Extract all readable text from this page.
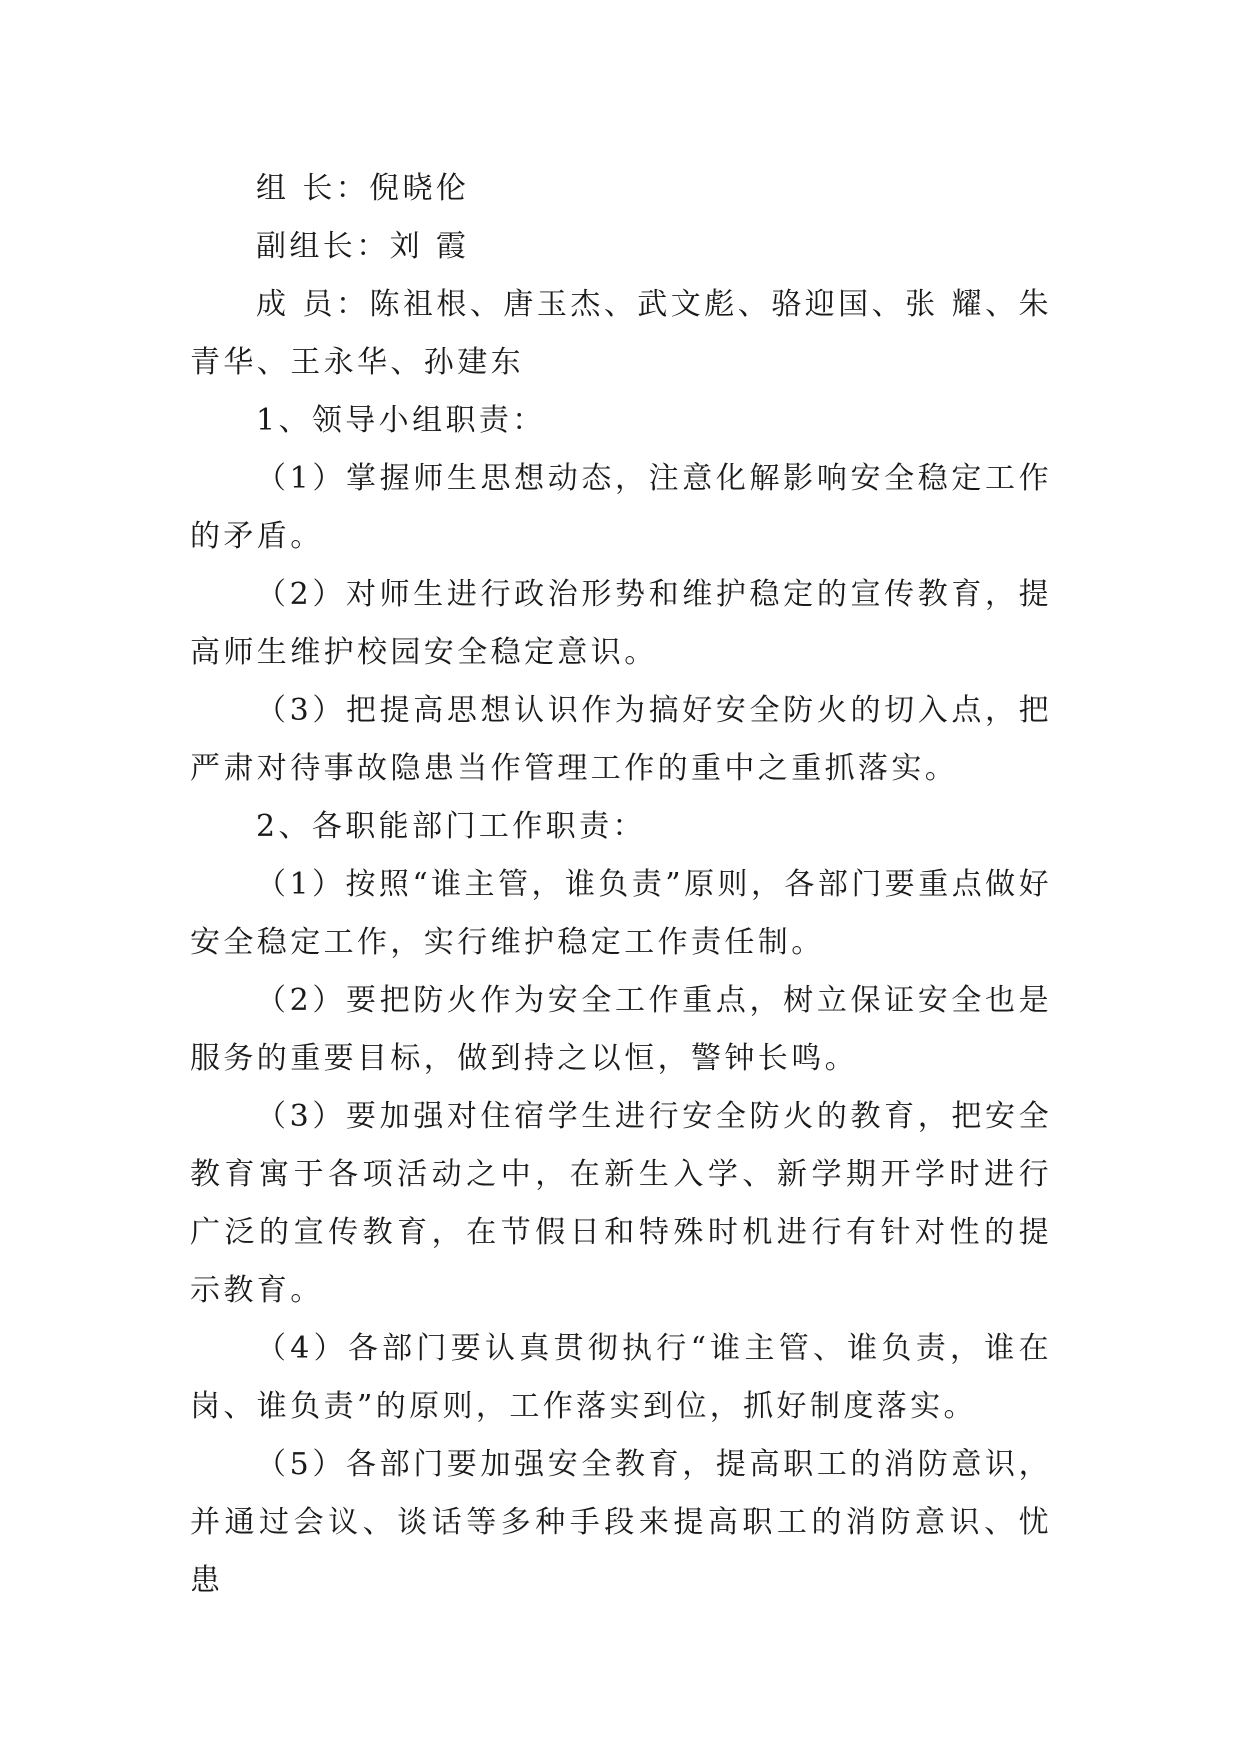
组 长：倪晓伦

副组长：刘 霞

成 员：陈祖根、唐玉杰、武文彪、骆迎国、张 耀、朱青华、王永华、孙建东

1、领导小组职责：

（1）掌握师生思想动态，注意化解影响安全稳定工作的矛盾。

（2）对师生进行政治形势和维护稳定的宣传教育，提高师生维护校园安全稳定意识。

（3）把提高思想认识作为搞好安全防火的切入点，把严肃对待事故隐患当作管理工作的重中之重抓落实。

2、各职能部门工作职责：

（1）按照“谁主管，谁负责”原则，各部门要重点做好安全稳定工作，实行维护稳定工作责任制。

（2）要把防火作为安全工作重点，树立保证安全也是服务的重要目标，做到持之以恒，警钟长鸣。

（3）要加强对住宿学生进行安全防火的教育，把安全教育寓于各项活动之中，在新生入学、新学期开学时进行广泛的宣传教育，在节假日和特殊时机进行有针对性的提示教育。

（4）各部门要认真贯彻执行“谁主管、谁负责，谁在岗、谁负责”的原则，工作落实到位，抓好制度落实。

（5）各部门要加强安全教育，提高职工的消防意识，并通过会议、谈话等多种手段来提高职工的消防意识、忧患
